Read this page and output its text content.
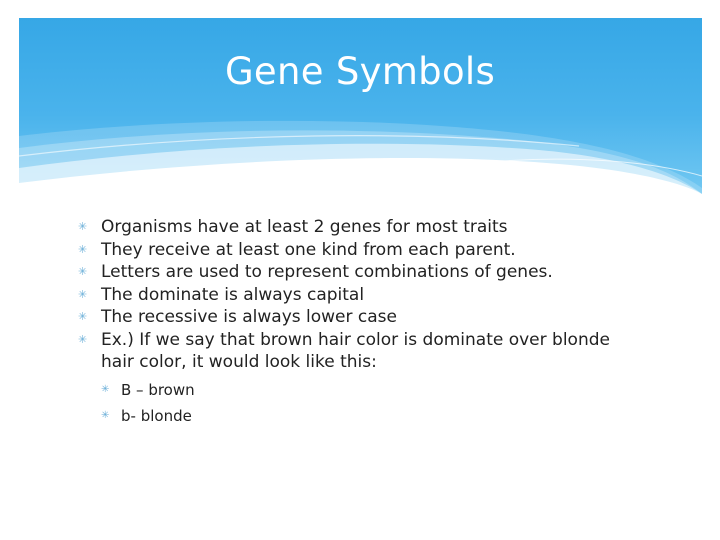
Gene Symbols
✳ Organisms have at least 2 genes for most traits
✳ They receive at least one kind from each parent.
✳ Letters are used to represent combinations of genes.
✳ The dominate is always capital
✳ The recessive is always lower case
✳ Ex.) If we say that brown hair color is dominate over blonde hair color, it would look like this:
✳ B – brown
✳ b- blonde
